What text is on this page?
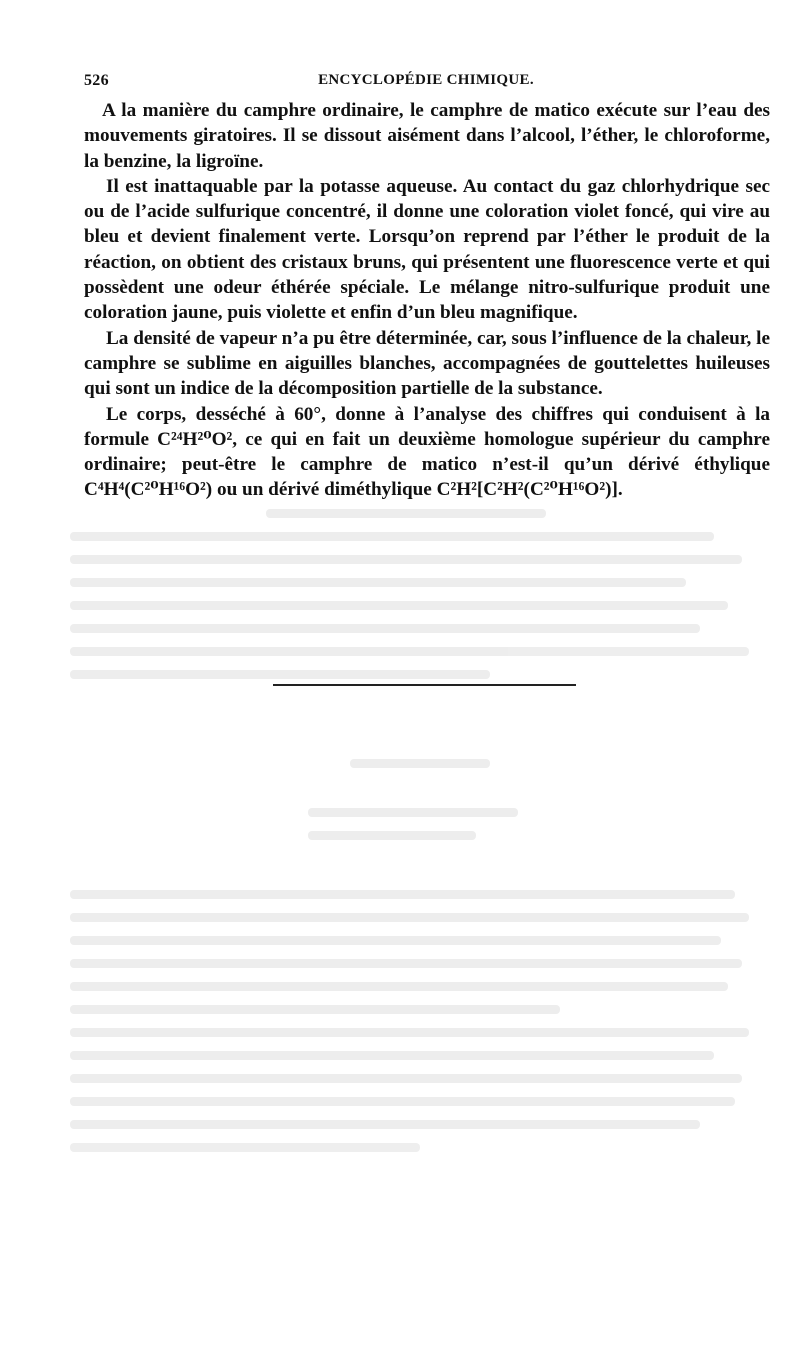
526	ENCYCLOPÉDIE CHIMIQUE.

A la manière du camphre ordinaire, le camphre de matico exécute sur l’eau des mouvements giratoires. Il se dissout aisément dans l’alcool, l’éther, le chloroforme, la benzine, la ligroïne.

Il est inattaquable par la potasse aqueuse. Au contact du gaz chlorhydrique sec ou de l’acide sulfurique concentré, il donne une coloration violet foncé, qui vire au bleu et devient finalement verte. Lorsqu’on reprend par l’éther le produit de la réaction, on obtient des cristaux bruns, qui présentent une fluorescence verte et qui possèdent une odeur éthérée spéciale. Le mélange nitro-sulfurique produit une coloration jaune, puis violette et enfin d’un bleu magnifique.

La densité de vapeur n’a pu être déterminée, car, sous l’influence de la chaleur, le camphre se sublime en aiguilles blanches, accompagnées de gouttelettes huileuses qui sont un indice de la décomposition partielle de la substance.

Le corps, desséché à 60°, donne à l’analyse des chiffres qui conduisent à la formule C²⁴H²⁰O², ce qui en fait un deuxième homologue supérieur du camphre ordinaire; peut-être le camphre de matico n’est-il qu’un dérivé éthylique C⁴H⁴(C²⁰H¹⁶O²) ou un dérivé diméthylique C²H²[C²H²(C²⁰H¹⁶O²)].
